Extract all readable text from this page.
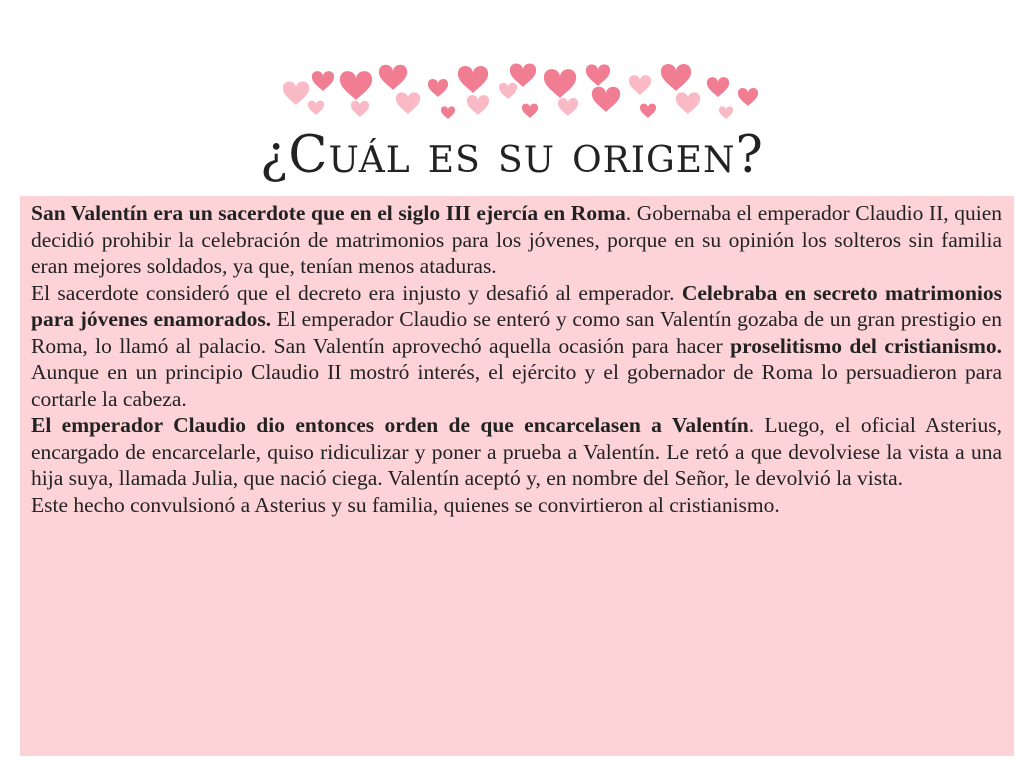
¿Cuál es su origen?

San Valentín era un sacerdote que en el siglo III ejercía en Roma. Gobernaba el emperador Claudio II, quien decidió prohibir la celebración de matrimonios para los jóvenes, porque en su opinión los solteros sin familia eran mejores soldados, ya que, tenían menos ataduras.

El sacerdote consideró que el decreto era injusto y desafió al emperador. Celebraba en secreto matrimonios para jóvenes enamorados. El emperador Claudio se enteró y como san Valentín gozaba de un gran prestigio en Roma, lo llamó al palacio. San Valentín aprovechó aquella ocasión para hacer proselitismo del cristianismo. Aunque en un principio Claudio II mostró interés, el ejército y el gobernador de Roma lo persuadieron para cortarle la cabeza.

El emperador Claudio dio entonces orden de que encarcelasen a Valentín. Luego, el oficial Asterius, encargado de encarcelarle, quiso ridiculizar y poner a prueba a Valentín. Le retó a que devolviese la vista a una hija suya, llamada Julia, que nació ciega. Valentín aceptó y, en nombre del Señor, le devolvió la vista.

Este hecho convulsionó a Asterius y su familia, quienes se convirtieron al cristianismo.
